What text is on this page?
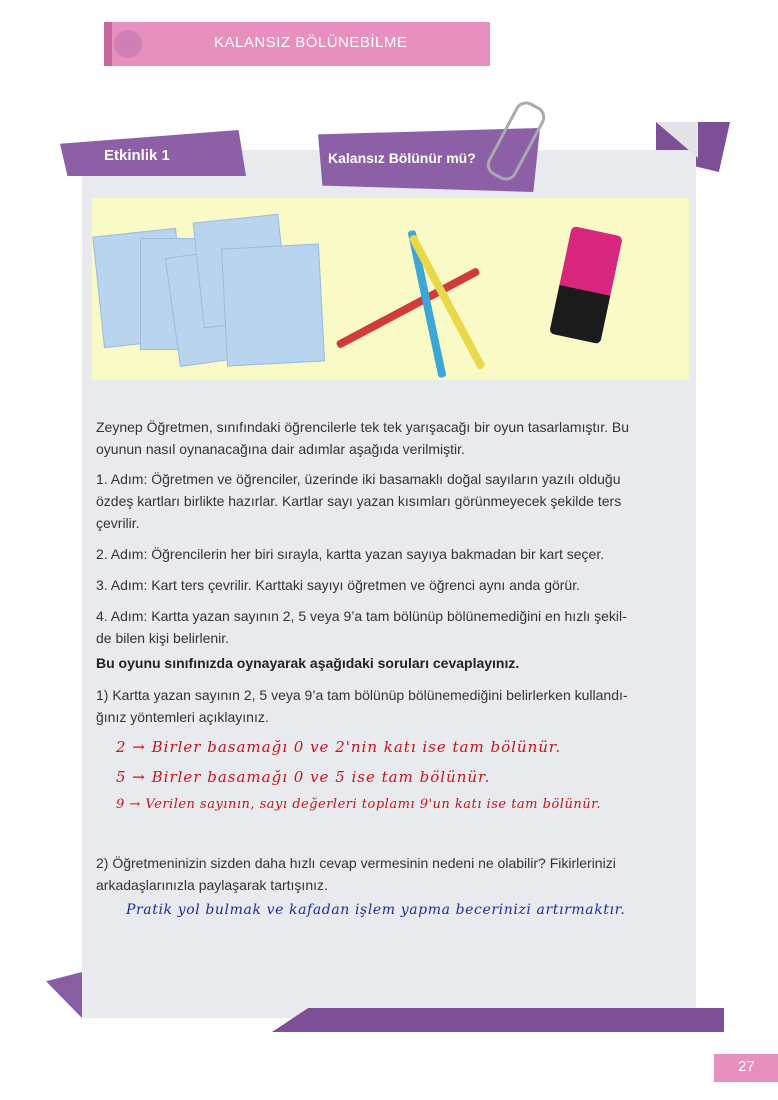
KALANSIZ BÖLÜNEBİLME
Etkinlik 1	Kalansız Bölünür mü?
Zeynep Öğretmen, sınıfındaki öğrencilerle tek tek yarışacağı bir oyun tasarlamıştır. Bu
oyunun nasıl oynanacağına dair adımlar aşağıda verilmiştir.
1. Adım: Öğretmen ve öğrenciler, üzerinde iki basamaklı doğal sayıların yazılı olduğu
özdeş kartları birlikte hazırlar. Kartlar sayı yazan kısımları görünmeyecek şekilde ters
çevrilir.
2. Adım: Öğrencilerin her biri sırayla, kartta yazan sayıya bakmadan bir kart seçer.
3. Adım: Kart ters çevrilir. Karttaki sayıyı öğretmen ve öğrenci aynı anda görür.
4. Adım: Kartta yazan sayının 2, 5 veya 9’a tam bölünüp bölünemediğini en hızlı şekil-
de bilen kişi belirlenir.
Bu oyunu sınıfınızda oynayarak aşağıdaki soruları cevaplayınız.
1) Kartta yazan sayının 2, 5 veya 9’a tam bölünüp bölünemediğini belirlerken kullandı-
ğınız yöntemleri açıklayınız.
2 → Birler basamağı 0 ve 2'nin katı ise tam bölünür.
5 → Birler basamağı 0 ve 5 ise tam bölünür.
9 → Verilen sayının, sayı değerleri toplamı 9'un katı ise tam bölünür.
2) Öğretmeninizin sizden daha hızlı cevap vermesinin nedeni ne olabilir? Fikirlerinizi
arkadaşlarınızla paylaşarak tartışınız.
Pratik yol bulmak ve kafadan işlem yapma becerinizi artırmaktır.
27
